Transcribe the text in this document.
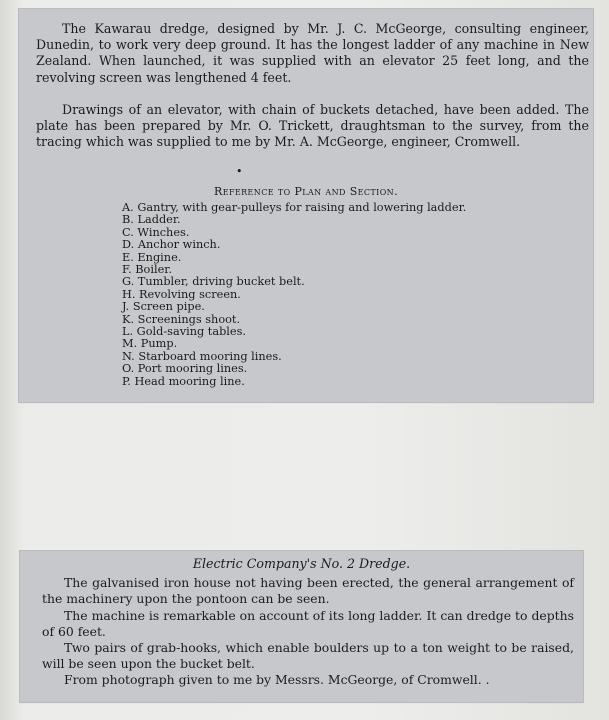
The Kawarau dredge, designed by Mr. J. C. McGeorge, consulting engineer, Dunedin, to work very deep ground. It has the longest ladder of any machine in New Zealand. When launched, it was supplied with an elevator 25 feet long, and the revolving screen was lengthened 4 feet.

Drawings of an elevator, with chain of buckets detached, have been added. The plate has been prepared by Mr. O. Trickett, draughtsman to the survey, from the tracing which was supplied to me by Mr. A. McGeorge, engineer, Cromwell.

•
Reference to Plan and Section.
A. Gantry, with gear-pulleys for raising and lowering ladder.
B. Ladder.
C. Winches.
D. Anchor winch.
E. Engine.
F. Boiler.
G. Tumbler, driving bucket belt.
H. Revolving screen.
J. Screen pipe.
K. Screenings shoot.
L. Gold-saving tables.
M. Pump.
N. Starboard mooring lines.
O. Port mooring lines.
P. Head mooring line.
Electric Company's No. 2 Dredge.

The galvanised iron house not having been erected, the general arrangement of the machinery upon the pontoon can be seen.

The machine is remarkable on account of its long ladder. It can dredge to depths of 60 feet.

Two pairs of grab-hooks, which enable boulders up to a ton weight to be raised, will be seen upon the bucket belt.

From photograph given to me by Messrs. McGeorge, of Cromwell. .
